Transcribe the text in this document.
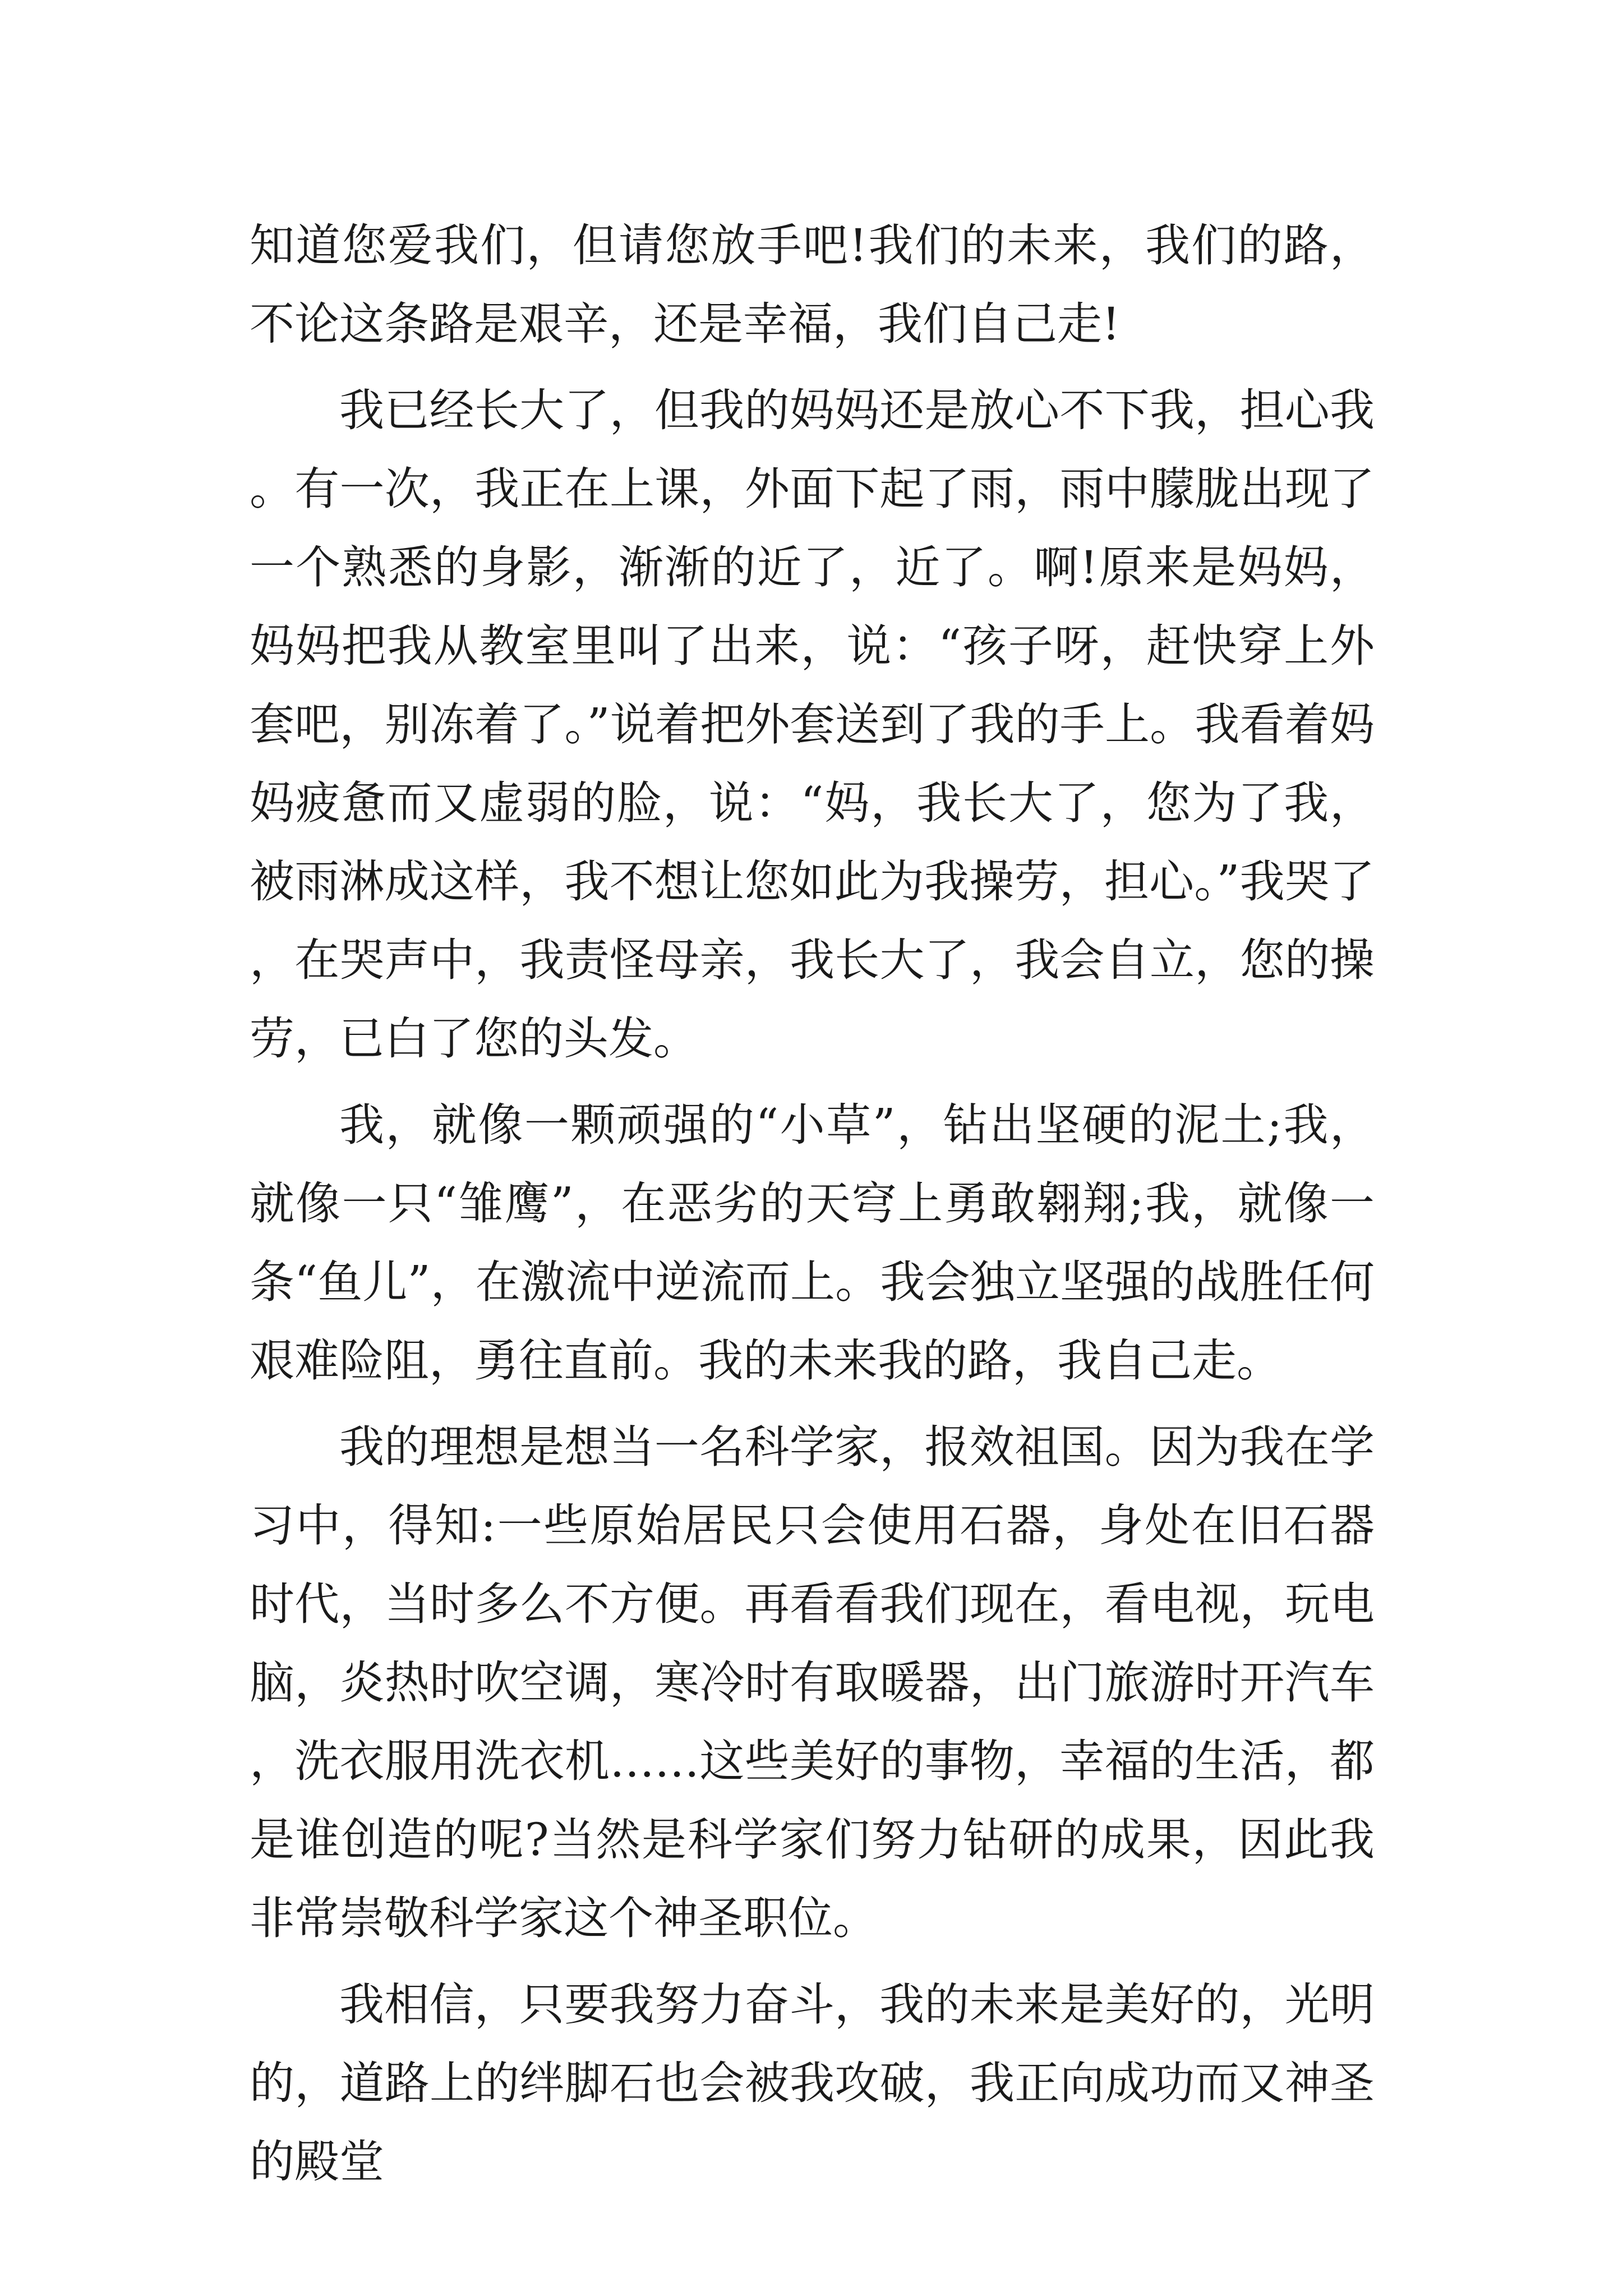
知道您爱我们，但请您放手吧!我们的未来，我们的路，不论这条路是艰辛，还是幸福，我们自己走!

我已经长大了，但我的妈妈还是放心不下我，担心我。有一次，我正在上课，外面下起了雨，雨中朦胧出现了一个熟悉的身影，渐渐的近了，近了。啊!原来是妈妈，妈妈把我从教室里叫了出来，说：“孩子呀，赶快穿上外套吧，别冻着了。”说着把外套送到了我的手上。我看着妈妈疲惫而又虚弱的脸，说：“妈，我长大了，您为了我，被雨淋成这样，我不想让您如此为我操劳，担心。”我哭了，在哭声中，我责怪母亲，我长大了，我会自立，您的操劳，已白了您的头发。

我，就像一颗顽强的“小草”，钻出坚硬的泥土;我，就像一只“雏鹰”，在恶劣的天穹上勇敢翱翔;我，就像一条“鱼儿”，在激流中逆流而上。我会独立坚强的战胜任何艰难险阻，勇往直前。我的未来我的路，我自己走。

我的理想是想当一名科学家，报效祖国。因为我在学习中，得知:一些原始居民只会使用石器，身处在旧石器时代，当时多么不方便。再看看我们现在，看电视，玩电脑，炎热时吹空调，寒冷时有取暖器，出门旅游时开汽车，洗衣服用洗衣机……这些美好的事物，幸福的生活，都是谁创造的呢?当然是科学家们努力钻研的成果，因此我非常崇敬科学家这个神圣职位。

我相信，只要我努力奋斗，我的未来是美好的，光明的，道路上的绊脚石也会被我攻破，我正向成功而又神圣的殿堂
